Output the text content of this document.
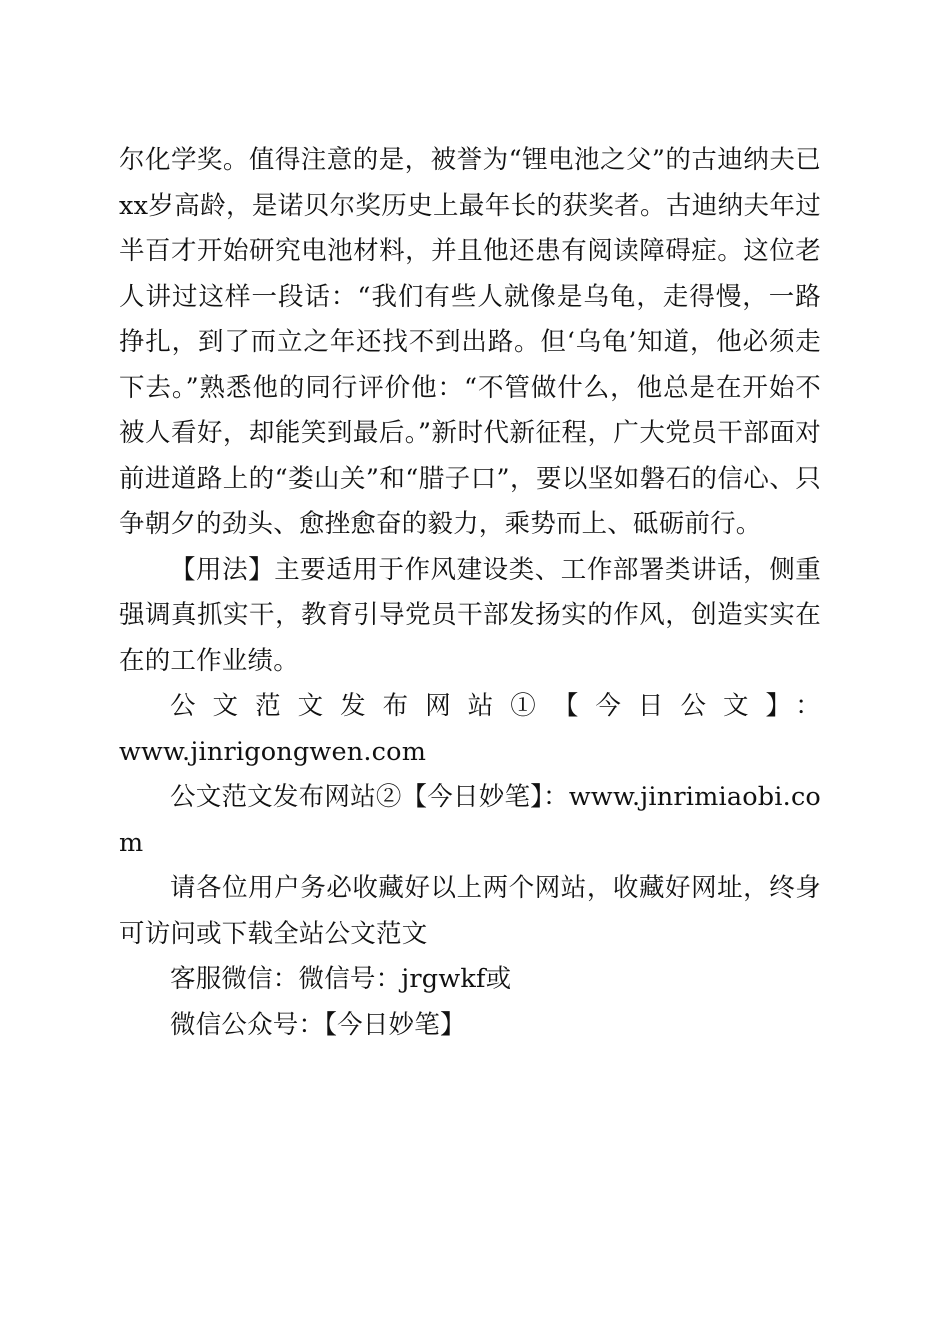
尔化学奖。值得注意的是，被誉为“锂电池之父”的古迪纳夫已xx岁高龄，是诺贝尔奖历史上最年长的获奖者。古迪纳夫年过半百才开始研究电池材料，并且他还患有阅读障碍症。这位老人讲过这样一段话：“我们有些人就像是乌龟，走得慢，一路挣扎，到了而立之年还找不到出路。但‘乌龟’知道，他必须走下去。”熟悉他的同行评价他：“不管做什么，他总是在开始不被人看好，却能笑到最后。”新时代新征程，广大党员干部面对前进道路上的“娄山关”和“腊子口”，要以坚如磐石的信心、只争朝夕的劲头、愈挫愈奋的毅力，乘势而上、砥砺前行。

【用法】主要适用于作风建设类、工作部署类讲话，侧重强调真抓实干，教育引导党员干部发扬实的作风，创造实实在在的工作业绩。

公文范文发布网站①【今日公文】：

www.jinrigongwen.com

公文范文发布网站②【今日妙笔】：www.jinrimiaobi.com

请各位用户务必收藏好以上两个网站，收藏好网址，终身可访问或下载全站公文范文

客服微信：微信号：jrgwkf或

微信公众号：【今日妙笔】
